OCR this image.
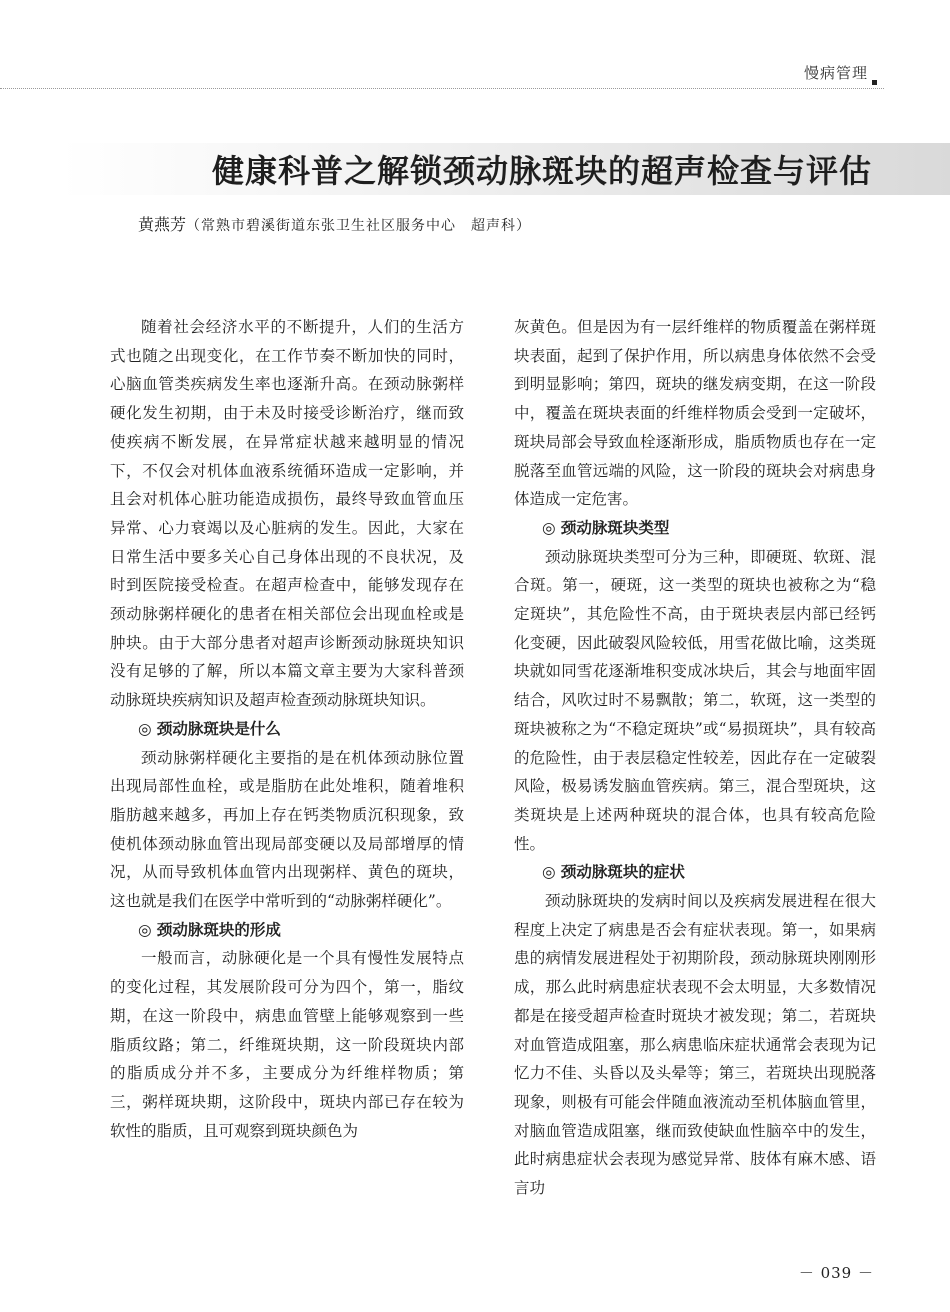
慢病管理
健康科普之解锁颈动脉斑块的超声检查与评估
黄燕芳（常熟市碧溪街道东张卫生社区服务中心　超声科）

随着社会经济水平的不断提升，人们的生活方式也随之出现变化，在工作节奏不断加快的同时，心脑血管类疾病发生率也逐渐升高。在颈动脉粥样硬化发生初期，由于未及时接受诊断治疗，继而致使疾病不断发展，在异常症状越来越明显的情况下，不仅会对机体血液系统循环造成一定影响，并且会对机体心脏功能造成损伤，最终导致血管血压异常、心力衰竭以及心脏病的发生。因此，大家在日常生活中要多关心自己身体出现的不良状况，及时到医院接受检查。在超声检查中，能够发现存在颈动脉粥样硬化的患者在相关部位会出现血栓或是肿块。由于大部分患者对超声诊断颈动脉斑块知识没有足够的了解，所以本篇文章主要为大家科普颈动脉斑块疾病知识及超声检查颈动脉斑块知识。

◎ 颈动脉斑块是什么

颈动脉粥样硬化主要指的是在机体颈动脉位置出现局部性血栓，或是脂肪在此处堆积，随着堆积脂肪越来越多，再加上存在钙类物质沉积现象，致使机体颈动脉血管出现局部变硬以及局部增厚的情况，从而导致机体血管内出现粥样、黄色的斑块，这也就是我们在医学中常听到的“动脉粥样硬化”。

◎ 颈动脉斑块的形成

一般而言，动脉硬化是一个具有慢性发展特点的变化过程，其发展阶段可分为四个，第一，脂纹期，在这一阶段中，病患血管壁上能够观察到一些脂质纹路；第二，纤维斑块期，这一阶段斑块内部的脂质成分并不多，主要成分为纤维样物质；第三，粥样斑块期，这阶段中，斑块内部已存在较为软性的脂质，且可观察到斑块颜色为

灰黄色。但是因为有一层纤维样的物质覆盖在粥样斑块表面，起到了保护作用，所以病患身体依然不会受到明显影响；第四，斑块的继发病变期，在这一阶段中，覆盖在斑块表面的纤维样物质会受到一定破坏，斑块局部会导致血栓逐渐形成，脂质物质也存在一定脱落至血管远端的风险，这一阶段的斑块会对病患身体造成一定危害。

◎ 颈动脉斑块类型

颈动脉斑块类型可分为三种，即硬斑、软斑、混合斑。第一，硬斑，这一类型的斑块也被称之为“稳定斑块”，其危险性不高，由于斑块表层内部已经钙化变硬，因此破裂风险较低，用雪花做比喻，这类斑块就如同雪花逐渐堆积变成冰块后，其会与地面牢固结合，风吹过时不易飘散；第二，软斑，这一类型的斑块被称之为“不稳定斑块”或“易损斑块”，具有较高的危险性，由于表层稳定性较差，因此存在一定破裂风险，极易诱发脑血管疾病。第三，混合型斑块，这类斑块是上述两种斑块的混合体，也具有较高危险性。

◎ 颈动脉斑块的症状

颈动脉斑块的发病时间以及疾病发展进程在很大程度上决定了病患是否会有症状表现。第一，如果病患的病情发展进程处于初期阶段，颈动脉斑块刚刚形成，那么此时病患症状表现不会太明显，大多数情况都是在接受超声检查时斑块才被发现；第二，若斑块对血管造成阻塞，那么病患临床症状通常会表现为记忆力不佳、头昏以及头晕等；第三，若斑块出现脱落现象，则极有可能会伴随血液流动至机体脑血管里，对脑血管造成阻塞，继而致使缺血性脑卒中的发生，此时病患症状会表现为感觉异常、肢体有麻木感、语言功

－ 039 －
